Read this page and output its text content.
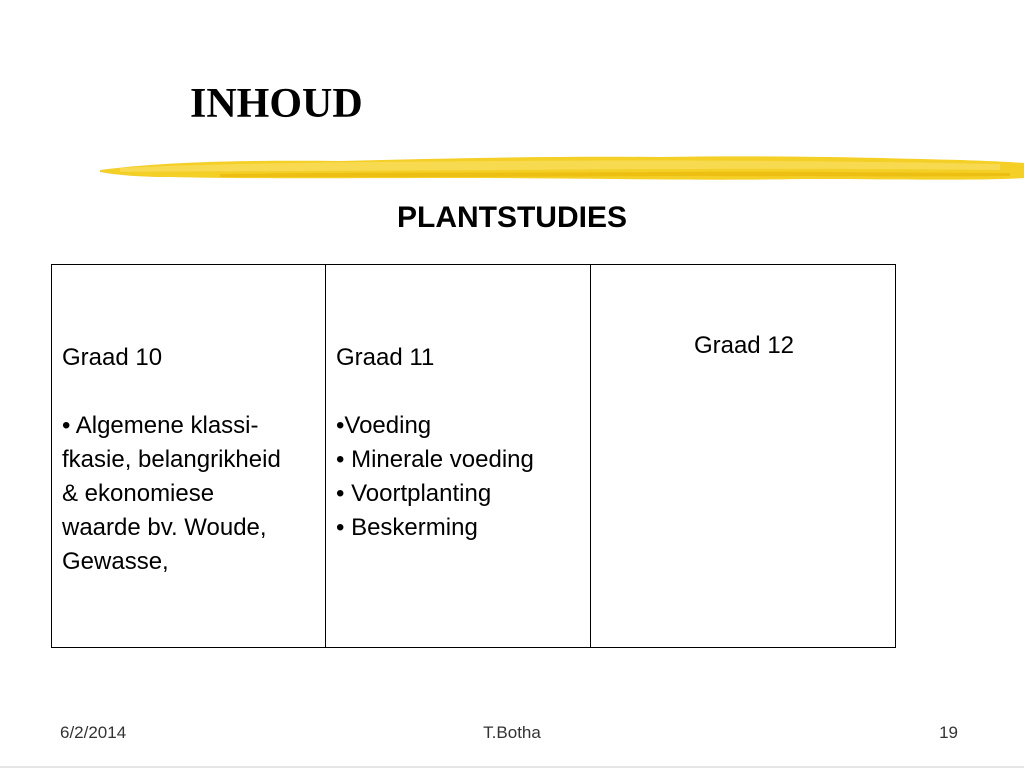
INHOUD
PLANTSTUDIES
Graad 10
• Algemene klassi-
fkasie, belangrikheid
& ekonomiese
waarde bv. Woude,
Gewasse,
Graad 11
•Voeding
• Minerale voeding
• Voortplanting
• Beskerming
Graad 12
6/2/2014	T.Botha	19
